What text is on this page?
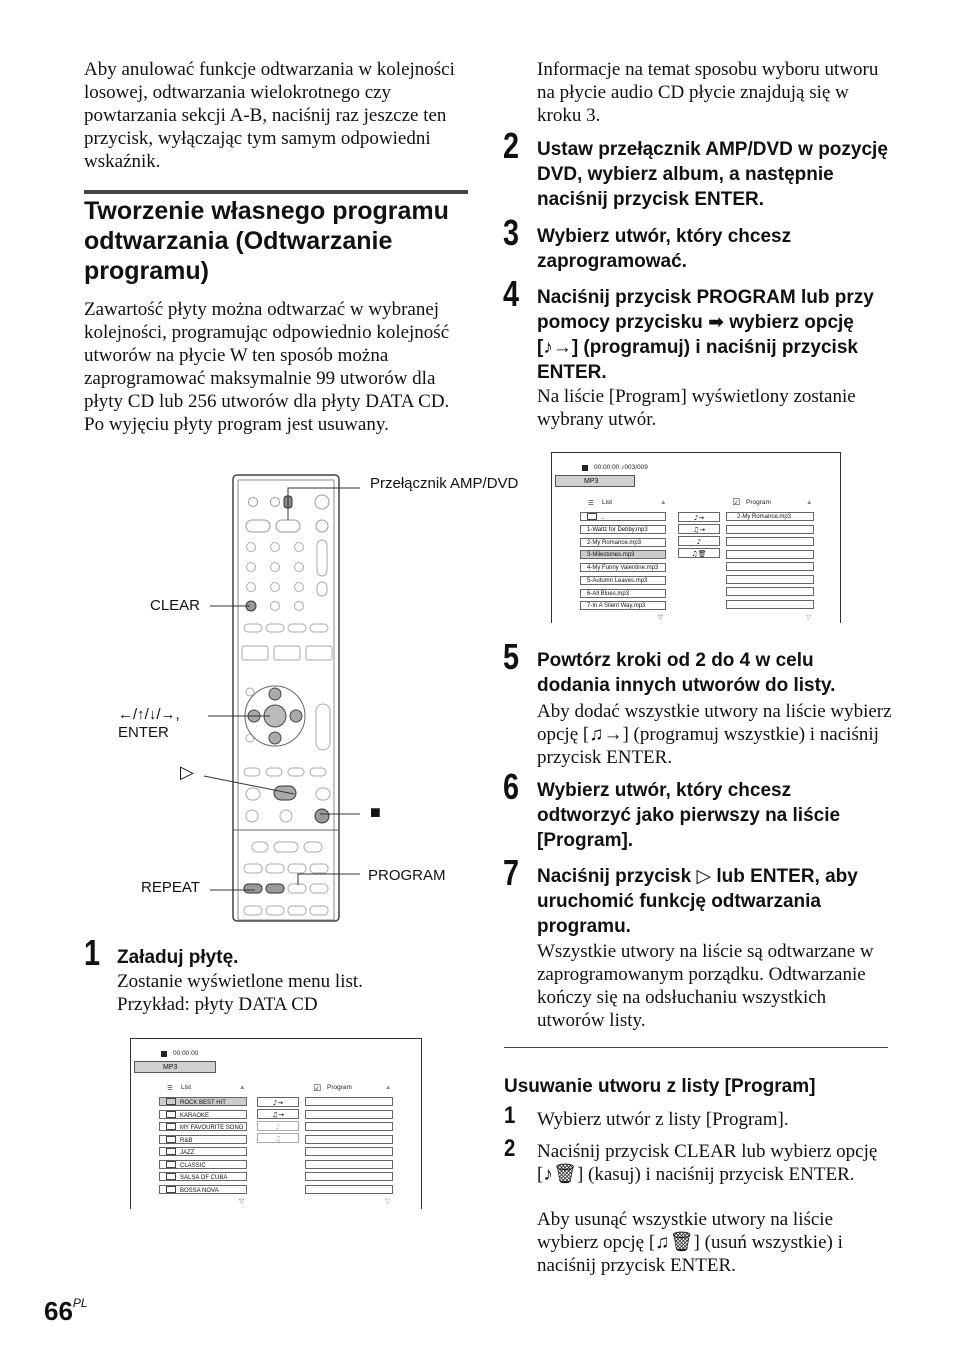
Aby anulować funkcje odtwarzania w kolejności losowej, odtwarzania wielokrotnego czy powtarzania sekcji A-B, naciśnij raz jeszcze ten przycisk, wyłączając tym samym odpowiedni wskaźnik.
Tworzenie własnego programu odtwarzania (Odtwarzanie programu)
Zawartość płyty można odtwarzać w wybranej kolejności, programując odpowiednio kolejność utworów na płycie W ten sposób można zaprogramować maksymalnie 99 utworów dla płyty CD lub 256 utworów dla płyty DATA CD. Po wyjęciu płyty program jest usuwany.
Przełącznik AMP/DVD
CLEAR
←/↑/↓/→,
ENTER
▷
■
REPEAT
PROGRAM
1 Załaduj płytę.
Zostanie wyświetlone menu list. Przykład: płyty DATA CD
00:00:00
MP3
☰ List	▲	☑ Program	▲
ROCK BEST HIT
KARAOKE
MY FAVOURITE SONG
R&B
JAZZ
CLASSIC
SALSA OF CUBA
BOSSA NOVA
♪→
♫→
♪
♫
▽	▽
Informacje na temat sposobu wyboru utworu na płycie audio CD płycie znajdują się w kroku 3.
2 Ustaw przełącznik AMP/DVD w pozycję DVD, wybierz album, a następnie naciśnij przycisk ENTER.
3 Wybierz utwór, który chcesz zaprogramować.
4 Naciśnij przycisk PROGRAM lub przy pomocy przycisku ➡ wybierz opcję [♪→] (programuj) i naciśnij przycisk ENTER.
Na liście [Program] wyświetlony zostanie wybrany utwór.
00:00:00 ♪003/009
MP3
☰ List	▲	☑ Program	▲
..
1-Waltz for Debby.mp3
2-My Romance.mp3
3-Milestones.mp3
4-My Funny Valentine.mp3
5-Autumn Leaves.mp3
6-All Blues.mp3
7-In A Silent Way.mp3
♪→
♫→
♪
♫🗑
2-My Romance.mp3
▽	▽
5 Powtórz kroki od 2 do 4 w celu dodania innych utworów do listy.
Aby dodać wszystkie utwory na liście wybierz opcję [♫→] (programuj wszystkie) i naciśnij przycisk ENTER.
6 Wybierz utwór, który chcesz odtworzyć jako pierwszy na liście [Program].
7 Naciśnij przycisk ▷ lub ENTER, aby uruchomić funkcję odtwarzania programu.
Wszystkie utwory na liście są odtwarzane w zaprogramowanym porządku. Odtwarzanie kończy się na odsłuchaniu wszystkich utworów listy.
Usuwanie utworu z listy [Program]
1 Wybierz utwór z listy [Program].
2 Naciśnij przycisk CLEAR lub wybierz opcję [♪🗑] (kasuj) i naciśnij przycisk ENTER.
Aby usunąć wszystkie utwory na liście wybierz opcję [♫🗑] (usuń wszystkie) i naciśnij przycisk ENTER.
$66^{PL}$
